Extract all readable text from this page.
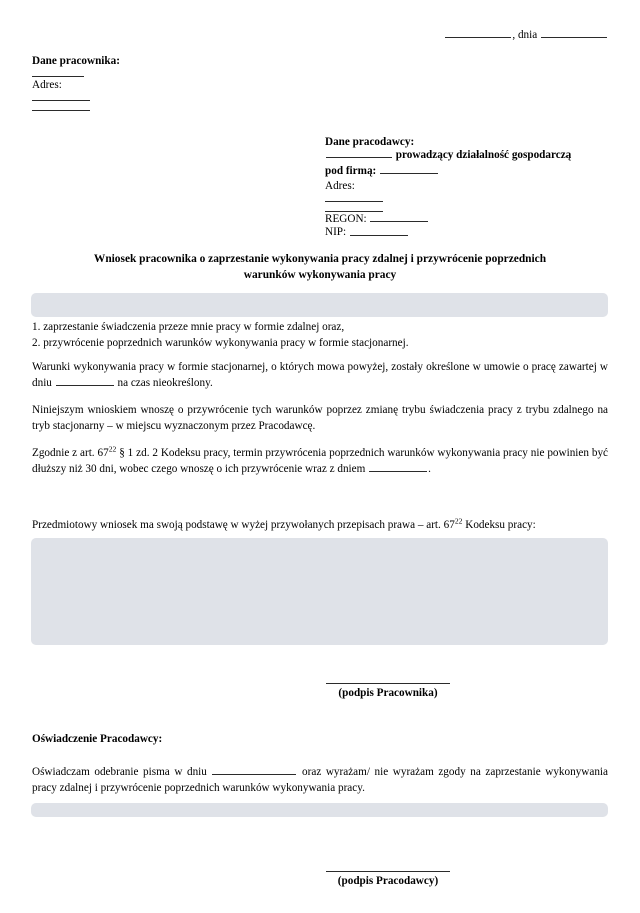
, dnia
Dane pracownika:
Adres:
Dane pracodawcy:
prowadzący działalność gospodarczą
pod firmą:
Adres:
REGON:
NIP:
Wniosek pracownika o zaprzestanie wykonywania pracy zdalnej i przywrócenie poprzednich
warunków wykonywania pracy
1. zaprzestanie świadczenia przeze mnie pracy w formie zdalnej oraz,
2. przywrócenie poprzednich warunków wykonywania pracy w formie stacjonarnej.
Warunki wykonywania pracy w formie stacjonarnej, o których mowa powyżej, zostały określone w umowie o pracę zawartej w dniu	na czas nieokreślony.
Niniejszym wnioskiem wnoszę o przywrócenie tych warunków poprzez zmianę trybu świadczenia pracy z trybu zdalnego na tryb stacjonarny – w miejscu wyznaczonym przez Pracodawcę.
Zgodnie z art. $67^{22}$ § 1 zd. 2 Kodeksu pracy, termin przywrócenia poprzednich warunków wykonywania pracy nie powinien być dłuższy niż 30 dni, wobec czego wnoszę o ich przywrócenie wraz z dniem	.
Przedmiotowy wniosek ma swoją podstawę w wyżej przywołanych przepisach prawa – art. $67^{22}$ Kodeksu pracy:
(podpis Pracownika)
Oświadczenie Pracodawcy:
Oświadczam odebranie pisma w dniu	oraz wyrażam/ nie wyrażam zgody na zaprzestanie wykonywania pracy zdalnej i przywrócenie poprzednich warunków wykonywania pracy.
(podpis Pracodawcy)
